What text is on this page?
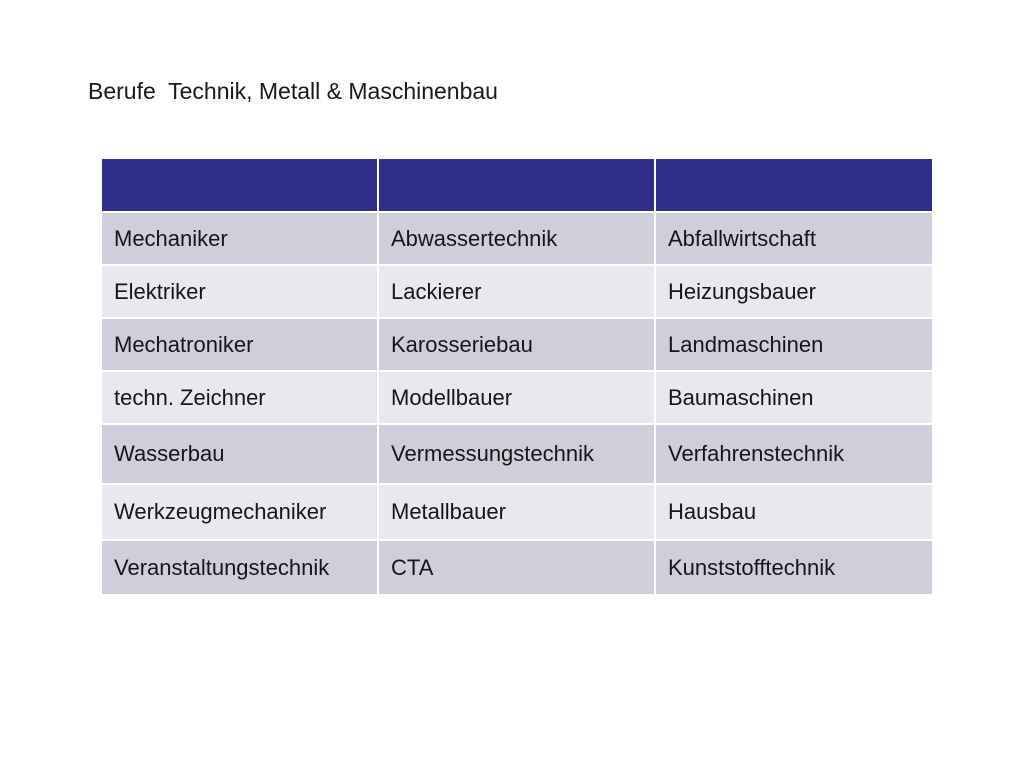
Berufe  Technik, Metall & Maschinenbau

Mechaniker	Abwassertechnik	Abfallwirtschaft
Elektriker	Lackierer	Heizungsbauer
Mechatroniker	Karosseriebau	Landmaschinen
techn. Zeichner	Modellbauer	Baumaschinen
Wasserbau	Vermessungstechnik	Verfahrenstechnik
Werkzeugmechaniker	Metallbauer	Hausbau
Veranstaltungstechnik	CTA	Kunststofftechnik
